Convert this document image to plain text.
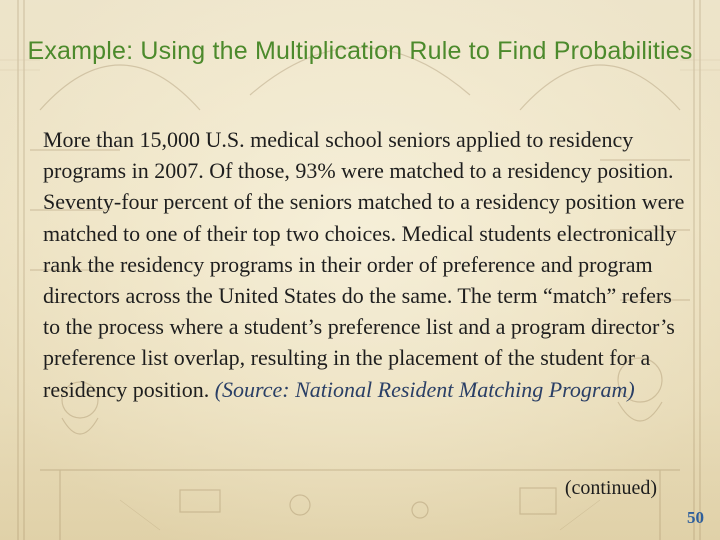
Example: Using the Multiplication Rule to Find Probabilities

More than 15,000 U.S. medical school seniors applied to residency programs in 2007. Of those, 93% were matched to a residency position. Seventy-four percent of the seniors matched to a residency position were matched to one of their top two choices. Medical students electronically rank the residency programs in their order of preference and program directors across the United States do the same. The term “match” refers to the process where a student’s preference list and a program director’s preference list overlap, resulting in the placement of the student for a residency position. (Source: National Resident Matching Program)

(continued)

50
